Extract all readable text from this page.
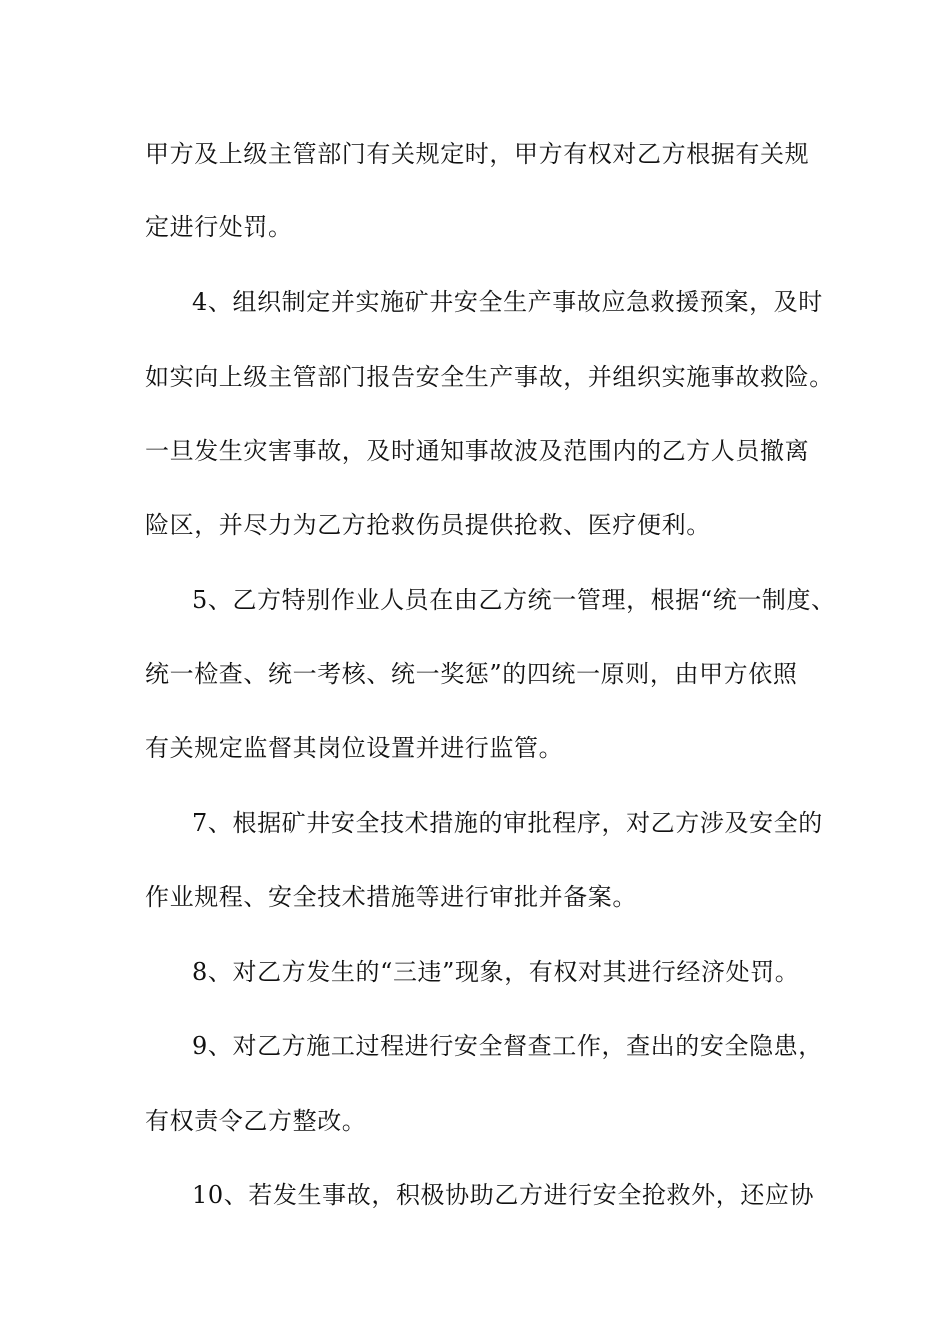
甲方及上级主管部门有关规定时，甲方有权对乙方根据有关规
定进行处罚。
4、组织制定并实施矿井安全生产事故应急救援预案，及时
如实向上级主管部门报告安全生产事故，并组织实施事故救险。
一旦发生灾害事故，及时通知事故波及范围内的乙方人员撤离
险区，并尽力为乙方抢救伤员提供抢救、医疗便利。
5、乙方特别作业人员在由乙方统一管理，根据“统一制度、
统一检查、统一考核、统一奖惩”的四统一原则，由甲方依照
有关规定监督其岗位设置并进行监管。
7、根据矿井安全技术措施的审批程序，对乙方涉及安全的
作业规程、安全技术措施等进行审批并备案。
8、对乙方发生的“三违”现象，有权对其进行经济处罚。
9、对乙方施工过程进行安全督查工作，查出的安全隐患，
有权责令乙方整改。
10、若发生事故，积极协助乙方进行安全抢救外，还应协
